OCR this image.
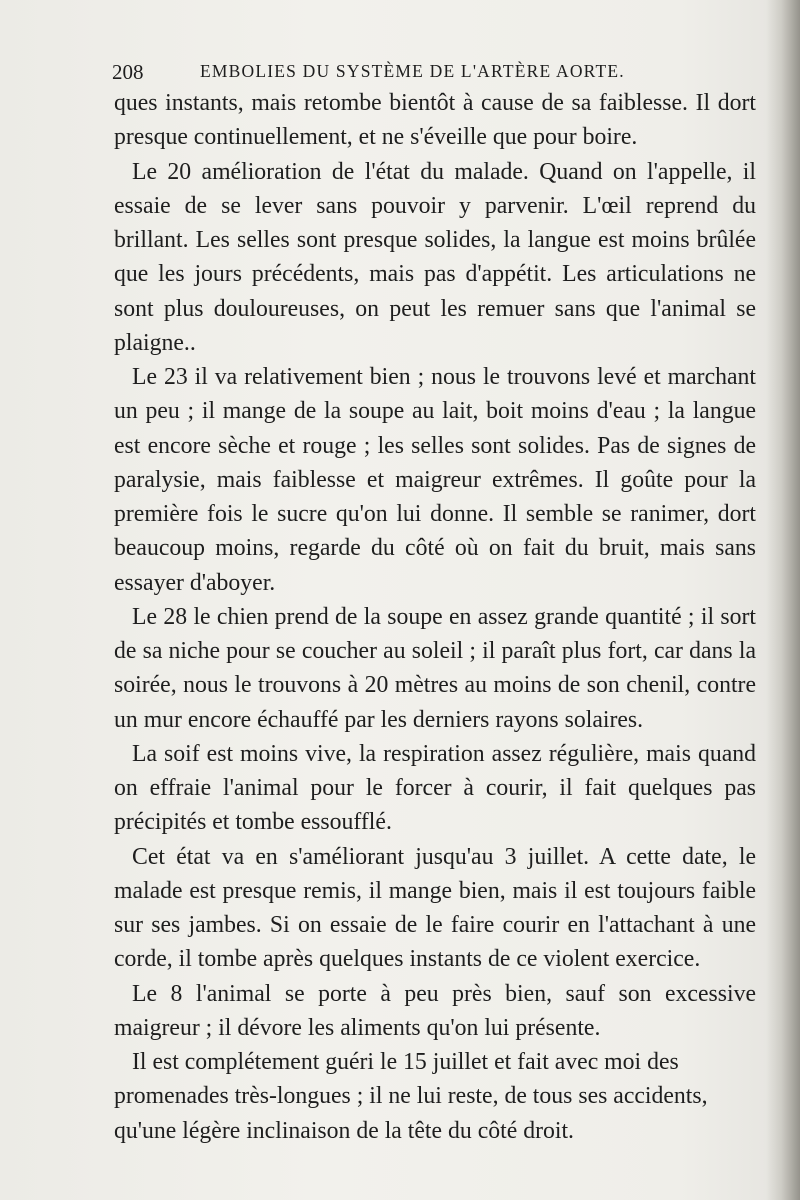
208	EMBOLIES DU SYSTÈME DE L'ARTÈRE AORTE.

ques instants, mais retombe bientôt à cause de sa faiblesse. Il dort presque continuellement, et ne s'éveille que pour boire.

Le 20 amélioration de l'état du malade. Quand on l'appelle, il essaie de se lever sans pouvoir y parvenir. L'œil reprend du brillant. Les selles sont presque solides, la langue est moins brûlée que les jours précédents, mais pas d'appétit. Les articulations ne sont plus douloureuses, on peut les remuer sans que l'animal se plaigne..

Le 23 il va relativement bien ; nous le trouvons levé et marchant un peu ; il mange de la soupe au lait, boit moins d'eau ; la langue est encore sèche et rouge ; les selles sont solides. Pas de signes de paralysie, mais faiblesse et maigreur extrêmes. Il goûte pour la première fois le sucre qu'on lui donne. Il semble se ranimer, dort beaucoup moins, regarde du côté où on fait du bruit, mais sans essayer d'aboyer.

Le 28 le chien prend de la soupe en assez grande quantité ; il sort de sa niche pour se coucher au soleil ; il paraît plus fort, car dans la soirée, nous le trouvons à 20 mètres au moins de son chenil, contre un mur encore échauffé par les derniers rayons solaires.

La soif est moins vive, la respiration assez régulière, mais quand on effraie l'animal pour le forcer à courir, il fait quelques pas précipités et tombe essoufflé.

Cet état va en s'améliorant jusqu'au 3 juillet. A cette date, le malade est presque remis, il mange bien, mais il est toujours faible sur ses jambes. Si on essaie de le faire courir en l'attachant à une corde, il tombe après quelques instants de ce violent exercice.

Le 8 l'animal se porte à peu près bien, sauf son excessive maigreur ; il dévore les aliments qu'on lui présente.

Il est complétement guéri le 15 juillet et fait avec moi des promenades très-longues ; il ne lui reste, de tous ses accidents, qu'une légère inclinaison de la tête du côté droit.
